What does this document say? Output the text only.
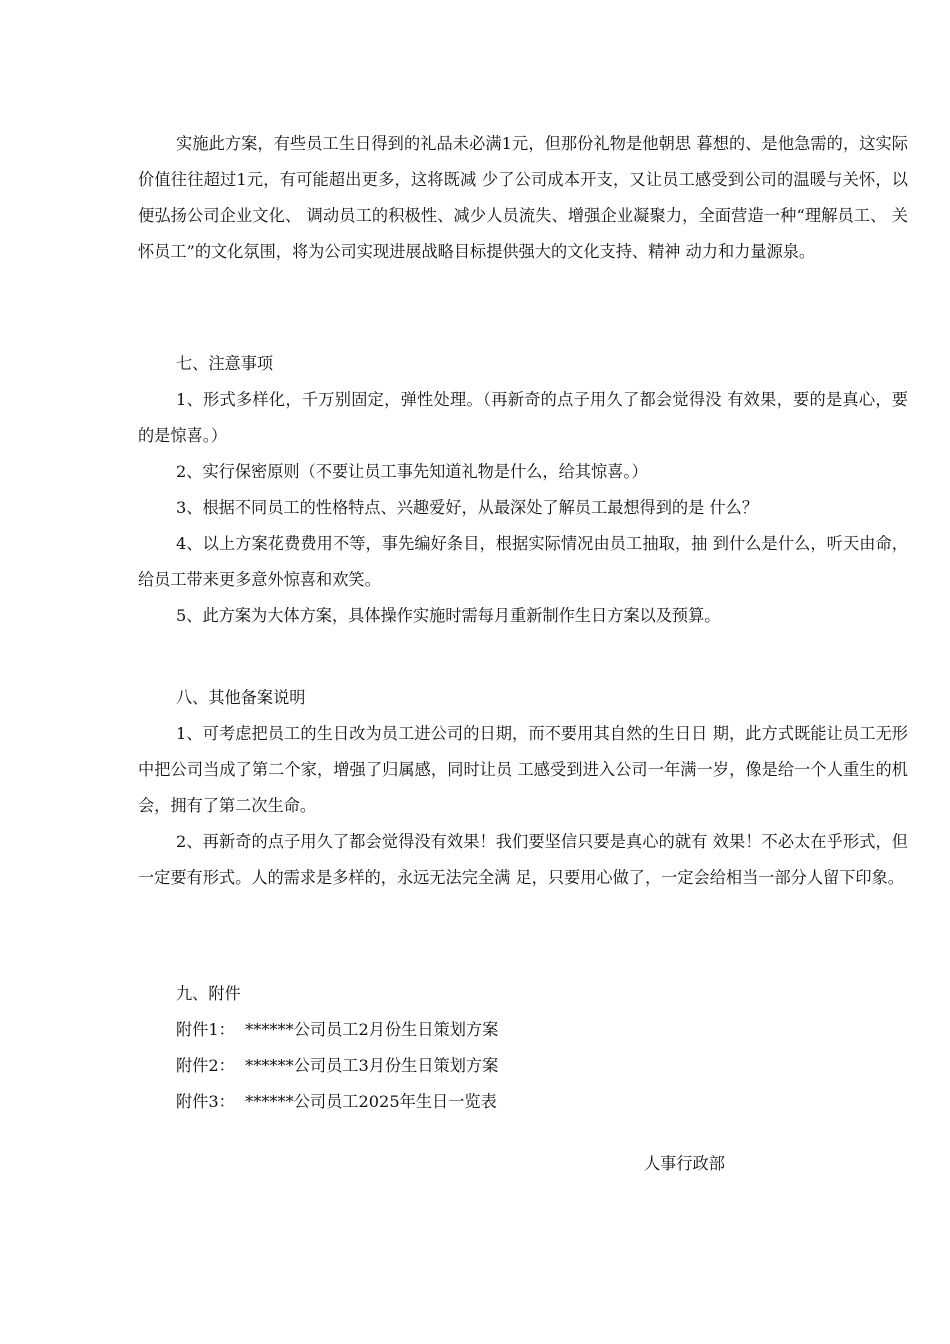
实施此方案，有些员工生日得到的礼品未必满1元，但那份礼物是他朝思 暮想的、是他急需的，这实际价值往往超过1元，有可能超出更多，这将既减 少了公司成本开支，又让员工感受到公司的温暖与关怀，以便弘扬公司企业文化、 调动员工的积极性、减少人员流失、增强企业凝聚力，全面营造一种“理解员工、 关怀员工”的文化氛围，将为公司实现进展战略目标提供强大的文化支持、精神 动力和力量源泉。

七、注意事项

1、形式多样化，千万别固定，弹性处理。（再新奇的点子用久了都会觉得没 有效果，要的是真心，要的是惊喜。）

2、实行保密原则（不要让员工事先知道礼物是什么，给其惊喜。）

3、根据不同员工的性格特点、兴趣爱好，从最深处了解员工最想得到的是 什么？

4、以上方案花费费用不等，事先编好条目，根据实际情况由员工抽取，抽 到什么是什么，听天由命，给员工带来更多意外惊喜和欢笑。

5、此方案为大体方案，具体操作实施时需每月重新制作生日方案以及预算。

八、其他备案说明

1、可考虑把员工的生日改为员工进公司的日期，而不要用其自然的生日日 期，此方式既能让员工无形中把公司当成了第二个家，增强了归属感，同时让员 工感受到进入公司一年满一岁，像是给一个人重生的机会，拥有了第二次生命。

2、再新奇的点子用久了都会觉得没有效果！我们要坚信只要是真心的就有 效果！不必太在乎形式，但一定要有形式。人的需求是多样的，永远无法完全满 足，只要用心做了，一定会给相当一部分人留下印象。

九、附件

附件1：  ******公司员工2月份生日策划方案

附件2：  ******公司员工3月份生日策划方案

附件3：  ******公司员工2025年生日一览表

人事行政部
